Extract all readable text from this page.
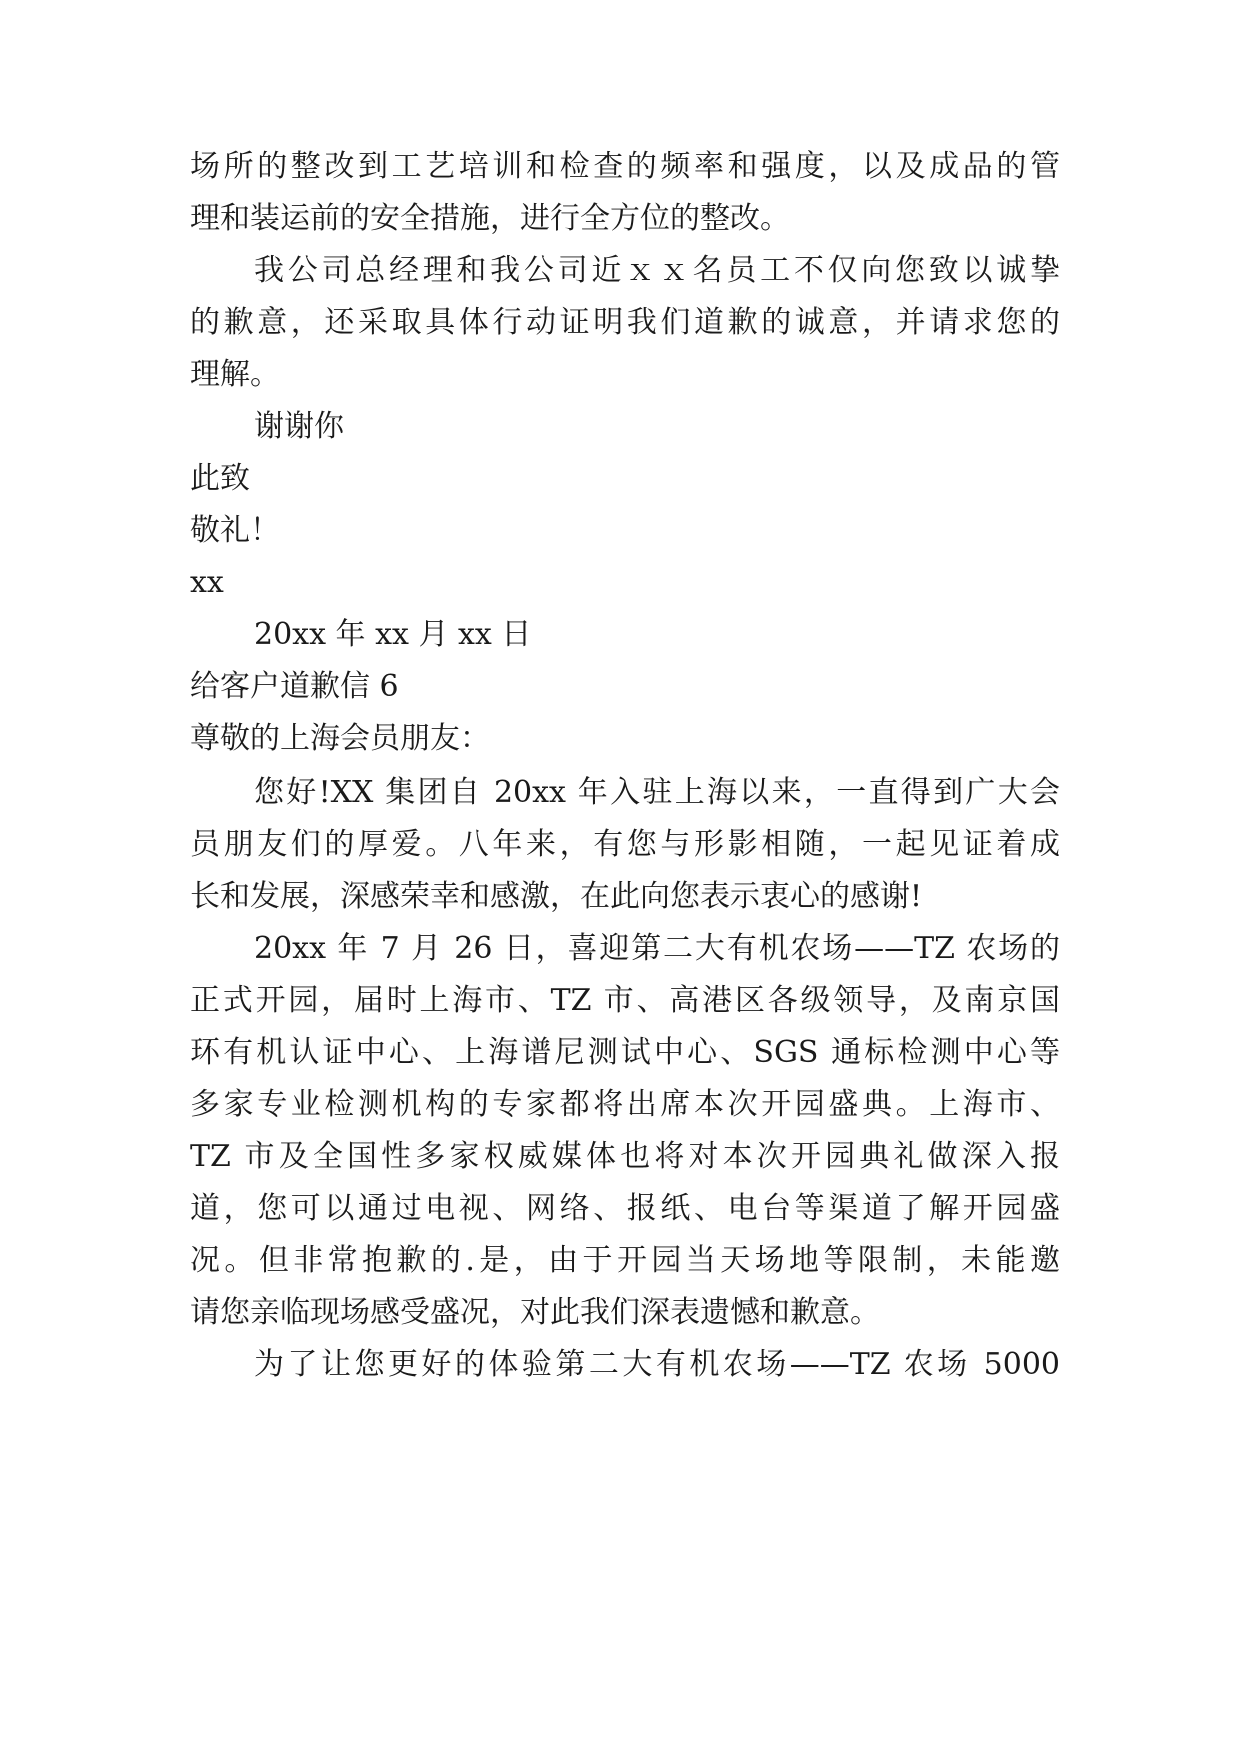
场所的整改到工艺培训和检查的频率和强度，以及成品的管
理和装运前的安全措施，进行全方位的整改。
我公司总经理和我公司近ｘｘ名员工不仅向您致以诚挚
的歉意，还采取具体行动证明我们道歉的诚意，并请求您的
理解。
谢谢你
此致
敬礼！
xx
20xx 年 xx 月 xx 日
给客户道歉信 6
尊敬的上海会员朋友：
您好!XX 集团自 20xx 年入驻上海以来，一直得到广大会
员朋友们的厚爱。八年来，有您与形影相随，一起见证着成
长和发展，深感荣幸和感激，在此向您表示衷心的感谢!
20xx 年 7 月 26 日，喜迎第二大有机农场——TZ 农场的
正式开园，届时上海市、TZ 市、高港区各级领导，及南京国
环有机认证中心、上海谱尼测试中心、SGS 通标检测中心等
多家专业检测机构的专家都将出席本次开园盛典。上海市、
TZ 市及全国性多家权威媒体也将对本次开园典礼做深入报
道，您可以通过电视、网络、报纸、电台等渠道了解开园盛
况。但非常抱歉的.是，由于开园当天场地等限制，未能邀
请您亲临现场感受盛况，对此我们深表遗憾和歉意。
为了让您更好的体验第二大有机农场——TZ 农场 5000
